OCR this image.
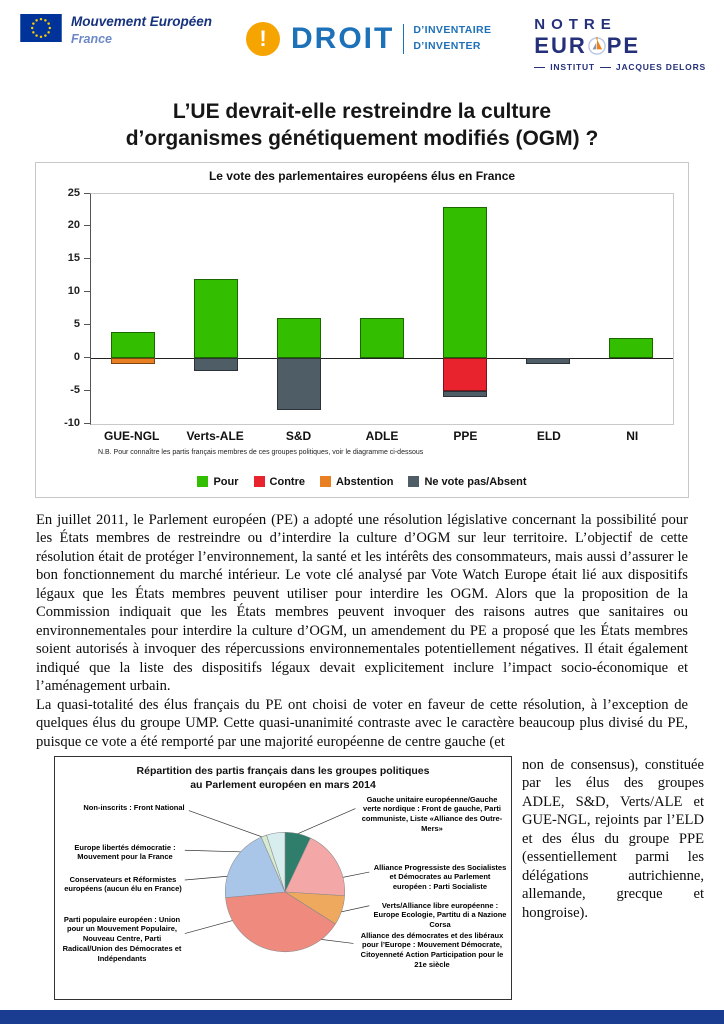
Mouvement Européen
France	! DROIT D’INVENTAIRE
D’INVENTER
NOTRE
EUR PE
INSTITUT JACQUES DELORS
L’UE devrait-elle restreindre la culture
d’organismes génétiquement modifiés (OGM) ?
Le vote des parlementaires européens élus en France
25
20
15
10
5
0
-5
-10
GUE-NGL	Verts-ALE	S&D	ADLE	PPE	ELD	NI
N.B. Pour connaître les partis français membres de ces groupes politiques, voir le diagramme ci-dessous
Pour	Contre	Abstention	Ne vote pas/Absent

En juillet 2011, le Parlement européen (PE) a adopté une résolution législative concernant la possibilité pour les États membres de restreindre ou d’interdire la culture d’OGM sur leur territoire. L’objectif de cette résolution était de protéger l’environnement, la santé et les intérêts des consommateurs, mais aussi d’assurer le bon fonctionnement du marché intérieur. Le vote clé analysé par Vote Watch Europe était lié aux dispositifs légaux que les États membres peuvent utiliser pour interdire les OGM. Alors que la proposition de la Commission indiquait que les États membres peuvent invoquer des raisons autres que sanitaires ou environnementales pour interdire la culture d’OGM, un amendement du PE a proposé que les États membres soient autorisés à invoquer des répercussions environnementales potentiellement négatives. Il était également indiqué que la liste des dispositifs légaux devait explicitement inclure l’impact socio-économique et l’aménagement urbain.

La quasi-totalité des élus français du PE ont choisi de voter en faveur de cette résolution, à l’exception de quelques élus du groupe UMP. Cette quasi-unanimité contraste avec le caractère beaucoup plus divisé du PE, puisque ce vote a été remporté par une majorité européenne de centre gauche (et

Répartition des partis français dans les groupes politiques
au Parlement européen en mars 2014
Non-inscrits : Front National
Europe libertés démocratie : Mouvement pour la France
Conservateurs et Réformistes européens (aucun élu en France)
Parti populaire européen : Union pour un Mouvement Populaire, Nouveau Centre, Parti Radical/Union des Démocrates et Indépendants
Gauche unitaire européenne/Gauche verte nordique : Front de gauche, Parti communiste, Liste «Alliance des Outre-Mers»
Alliance Progressiste des Socialistes et Démocrates au Parlement européen : Parti Socialiste
Verts/Alliance libre européenne : Europe Ecologie, Partitu di a Nazione Corsa
Alliance des démocrates et des libéraux pour l’Europe : Mouvement Démocrate, Citoyenneté Action Participation pour le 21e siècle
non de consensus), constituée par les élus des groupes ADLE, S&D, Verts/ALE et GUE-NGL, rejoints par l’ELD et des élus du groupe PPE (essentiellement parmi les délégations autrichienne, allemande, grecque et hongroise).
